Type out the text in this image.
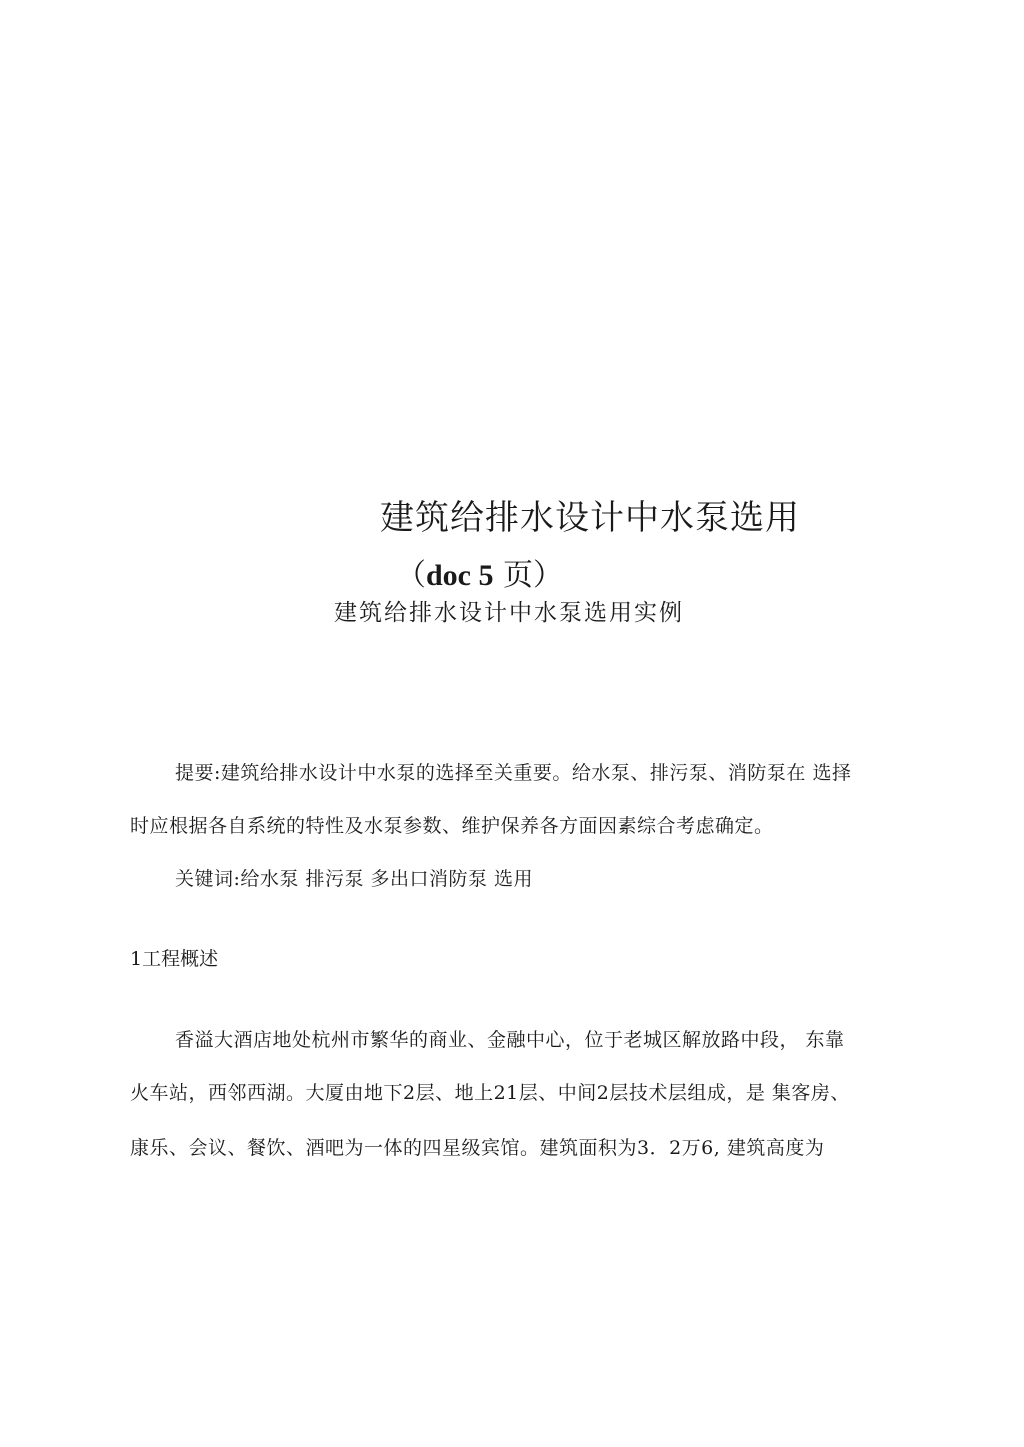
建筑给排水设计中水泵选用
（doc 5 页）
建筑给排水设计中水泵选用实例
提要:建筑给排水设计中水泵的选择至关重要。给水泵、排污泵、消防泵在 选择
时应根据各自系统的特性及水泵参数、维护保养各方面因素综合考虑确定。
关键词:给水泵 排污泵 多出口消防泵 选用
1工程概述
香溢大酒店地处杭州市繁华的商业、金融中心，位于老城区解放路中段， 东靠
火车站，西邻西湖。大厦由地下2层、地上21层、中间2层技术层组成，是 集客房、
康乐、会议、餐饮、酒吧为一体的四星级宾馆。建筑面积为3．2万6, 建筑高度为
